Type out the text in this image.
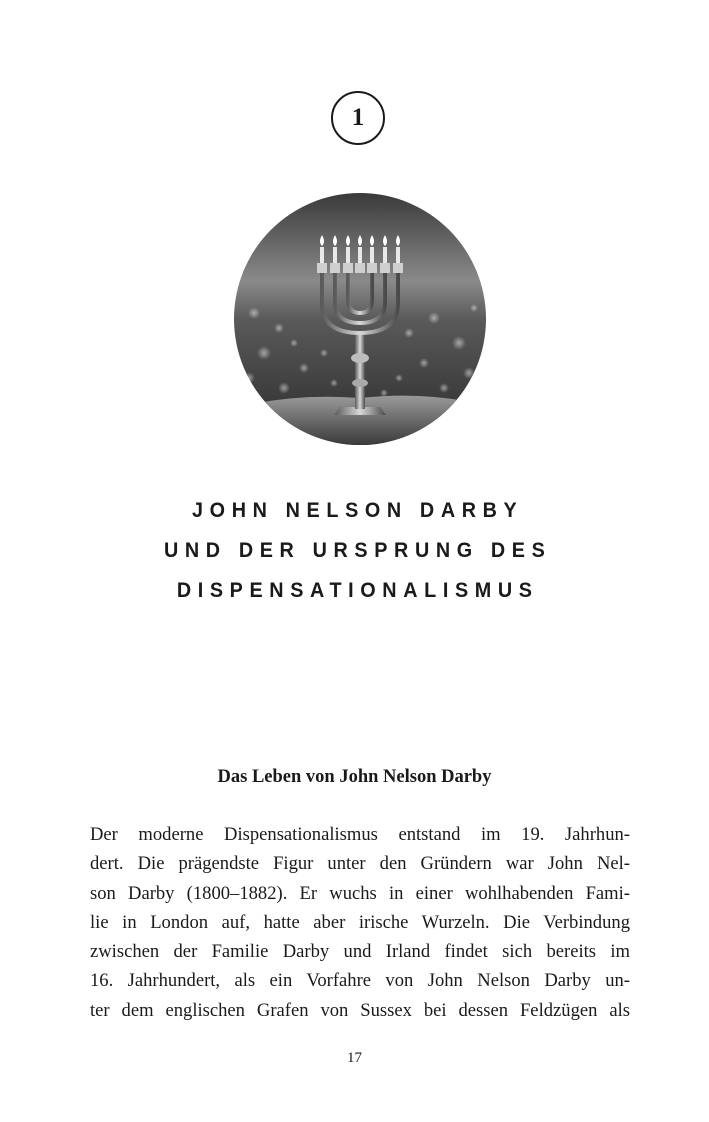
1
JOHN NELSON DARBY
UND DER URSPRUNG DES
DISPENSATIONALISMUS
Das Leben von John Nelson Darby
Der moderne Dispensationalismus entstand im 19. Jahrhun-
dert. Die prägendste Figur unter den Gründern war John Nel-
son Darby (1800–1882). Er wuchs in einer wohlhabenden Fami-
lie in London auf, hatte aber irische Wurzeln. Die Verbindung
zwischen der Familie Darby und Irland findet sich bereits im
16. Jahrhundert, als ein Vorfahre von John Nelson Darby un-
ter dem englischen Grafen von Sussex bei dessen Feldzügen als
17
